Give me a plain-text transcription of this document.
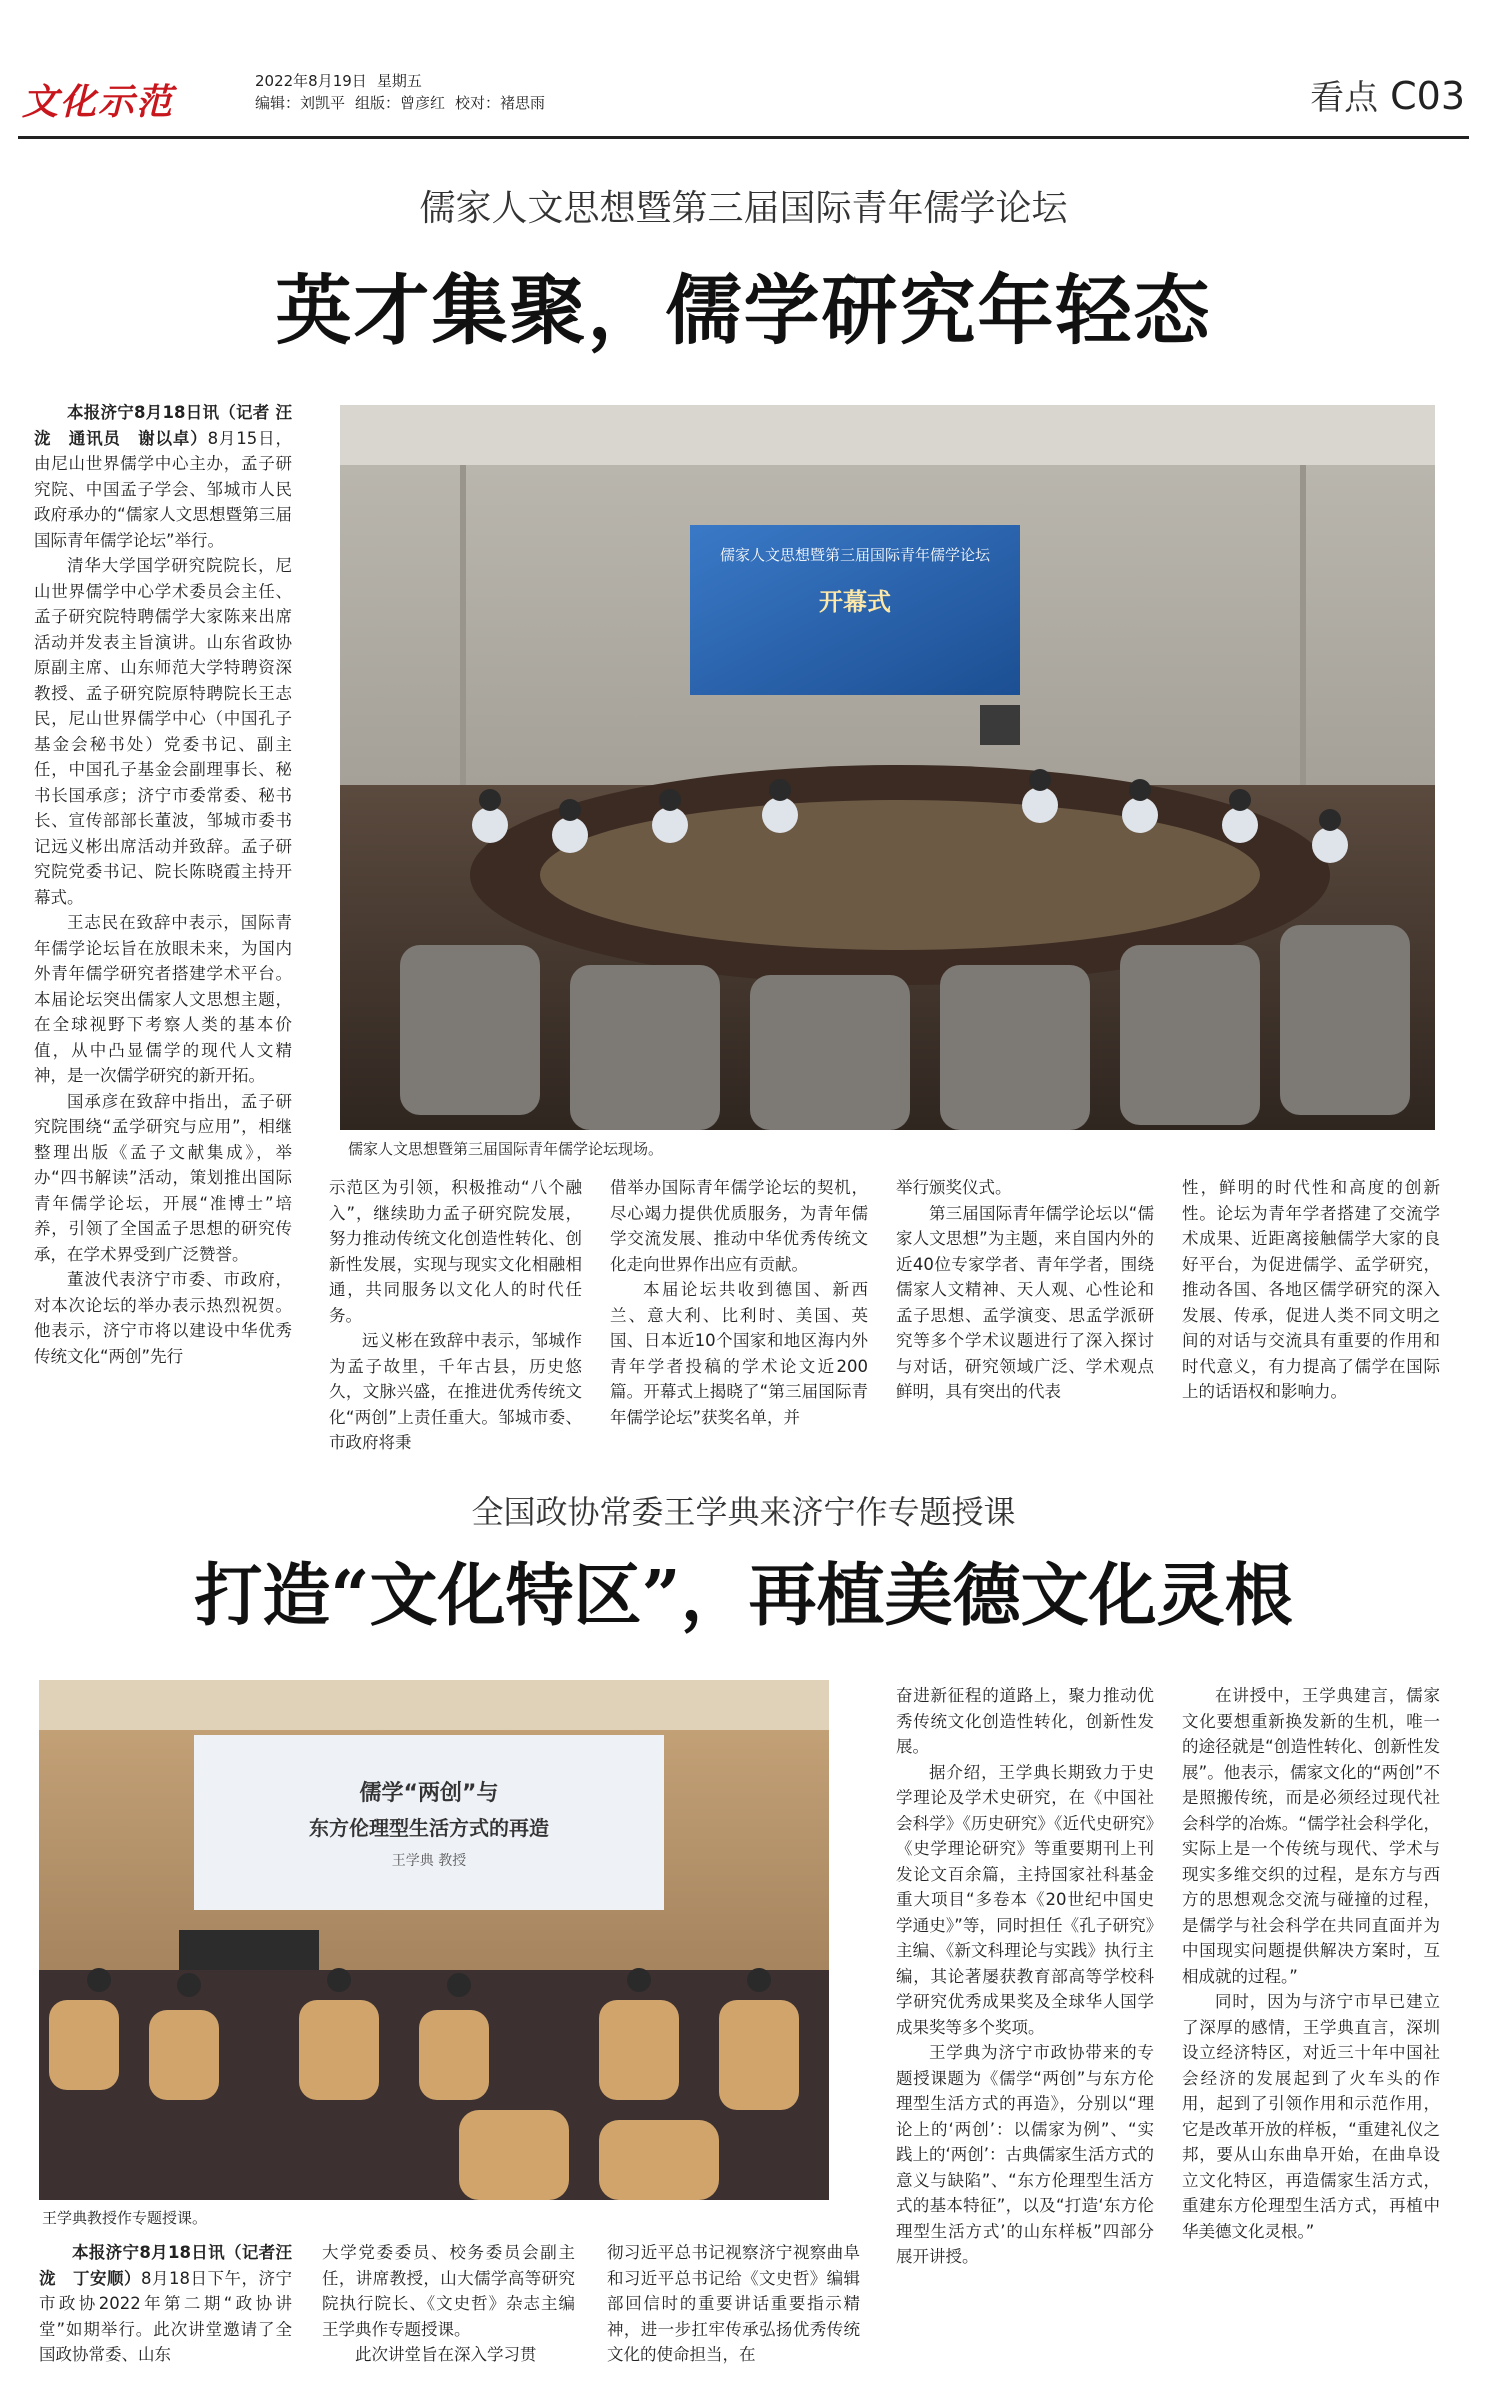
文化示范
2022年8月19日 星期五
编辑：刘凯平 组版：曾彦红 校对：褚思雨	看点 C03
儒家人文思想暨第三届国际青年儒学论坛
英才集聚，儒学研究年轻态

本报济宁8月18日讯（记者 汪泷　通讯员　谢以卓）8月15日，由尼山世界儒学中心主办，孟子研究院、中国孟子学会、邹城市人民政府承办的“儒家人文思想暨第三届国际青年儒学论坛”举行。

清华大学国学研究院院长，尼山世界儒学中心学术委员会主任、孟子研究院特聘儒学大家陈来出席活动并发表主旨演讲。山东省政协原副主席、山东师范大学特聘资深教授、孟子研究院原特聘院长王志民，尼山世界儒学中心（中国孔子基金会秘书处）党委书记、副主任，中国孔子基金会副理事长、秘书长国承彦；济宁市委常委、秘书长、宣传部部长董波，邹城市委书记远义彬出席活动并致辞。孟子研究院党委书记、院长陈晓霞主持开幕式。

王志民在致辞中表示，国际青年儒学论坛旨在放眼未来，为国内外青年儒学研究者搭建学术平台。本届论坛突出儒家人文思想主题，在全球视野下考察人类的基本价值，从中凸显儒学的现代人文精神，是一次儒学研究的新开拓。

国承彦在致辞中指出，孟子研究院围绕“孟学研究与应用”，相继整理出版《孟子文献集成》，举办“四书解读”活动，策划推出国际青年儒学论坛，开展“准博士”培养，引领了全国孟子思想的研究传承，在学术界受到广泛赞誉。

董波代表济宁市委、市政府，对本次论坛的举办表示热烈祝贺。他表示，济宁市将以建设中华优秀传统文化“两创”先行

儒家人文思想暨第三届国际青年儒学论坛
开幕式
儒家人文思想暨第三届国际青年儒学论坛现场。

示范区为引领，积极推动“八个融入”，继续助力孟子研究院发展，努力推动传统文化创造性转化、创新性发展，实现与现实文化相融相通，共同服务以文化人的时代任务。

远义彬在致辞中表示，邹城作为孟子故里，千年古县，历史悠久，文脉兴盛，在推进优秀传统文化“两创”上责任重大。邹城市委、市政府将秉

借举办国际青年儒学论坛的契机，尽心竭力提供优质服务，为青年儒学交流发展、推动中华优秀传统文化走向世界作出应有贡献。

本届论坛共收到德国、新西兰、意大利、比利时、美国、英国、日本近10个国家和地区海内外青年学者投稿的学术论文近200篇。开幕式上揭晓了“第三届国际青年儒学论坛”获奖名单，并

举行颁奖仪式。

第三届国际青年儒学论坛以“儒家人文思想”为主题，来自国内外的近40位专家学者、青年学者，围绕儒家人文精神、天人观、心性论和孟子思想、孟学演变、思孟学派研究等多个学术议题进行了深入探讨与对话，研究领域广泛、学术观点鲜明，具有突出的代表

性，鲜明的时代性和高度的创新性。论坛为青年学者搭建了交流学术成果、近距离接触儒学大家的良好平台，为促进儒学、孟学研究，推动各国、各地区儒学研究的深入发展、传承，促进人类不同文明之间的对话与交流具有重要的作用和时代意义，有力提高了儒学在国际上的话语权和影响力。

全国政协常委王学典来济宁作专题授课
打造“文化特区”，再植美德文化灵根
儒学“两创”与
东方伦理型生活方式的再造
王学典 教授
王学典教授作专题授课。

本报济宁8月18日讯（记者汪泷　丁安顺）8月18日下午，济宁市政协2022年第二期“政协讲堂”如期举行。此次讲堂邀请了全国政协常委、山东

大学党委委员、校务委员会副主任，讲席教授，山大儒学高等研究院执行院长、《文史哲》杂志主编王学典作专题授课。

此次讲堂旨在深入学习贯

彻习近平总书记视察济宁视察曲阜和习近平总书记给《文史哲》编辑部回信时的重要讲话重要指示精神，进一步扛牢传承弘扬优秀传统文化的使命担当，在

奋进新征程的道路上，聚力推动优秀传统文化创造性转化，创新性发展。

据介绍，王学典长期致力于史学理论及学术史研究，在《中国社会科学》《历史研究》《近代史研究》《史学理论研究》等重要期刊上刊发论文百余篇，主持国家社科基金重大项目“多卷本《20世纪中国史学通史》”等，同时担任《孔子研究》主编、《新文科理论与实践》执行主编，其论著屡获教育部高等学校科学研究优秀成果奖及全球华人国学成果奖等多个奖项。

王学典为济宁市政协带来的专题授课题为《儒学“两创”与东方伦理型生活方式的再造》，分别以“理论上的‘两创’：以儒家为例”、“实践上的‘两创’：古典儒家生活方式的意义与缺陷”、“东方伦理型生活方式的基本特征”，以及“打造‘东方伦理型生活方式’的山东样板”四部分展开讲授。

在讲授中，王学典建言，儒家文化要想重新换发新的生机，唯一的途径就是“创造性转化、创新性发展”。他表示，儒家文化的“两创”不是照搬传统，而是必须经过现代社会科学的冶炼。“儒学社会科学化，实际上是一个传统与现代、学术与现实多维交织的过程，是东方与西方的思想观念交流与碰撞的过程，是儒学与社会科学在共同直面并为中国现实问题提供解决方案时，互相成就的过程。”

同时，因为与济宁市早已建立了深厚的感情，王学典直言，深圳设立经济特区，对近三十年中国社会经济的发展起到了火车头的作用，起到了引领作用和示范作用，它是改革开放的样板，“重建礼仪之邦，要从山东曲阜开始，在曲阜设立文化特区，再造儒家生活方式，重建东方伦理型生活方式，再植中华美德文化灵根。”
